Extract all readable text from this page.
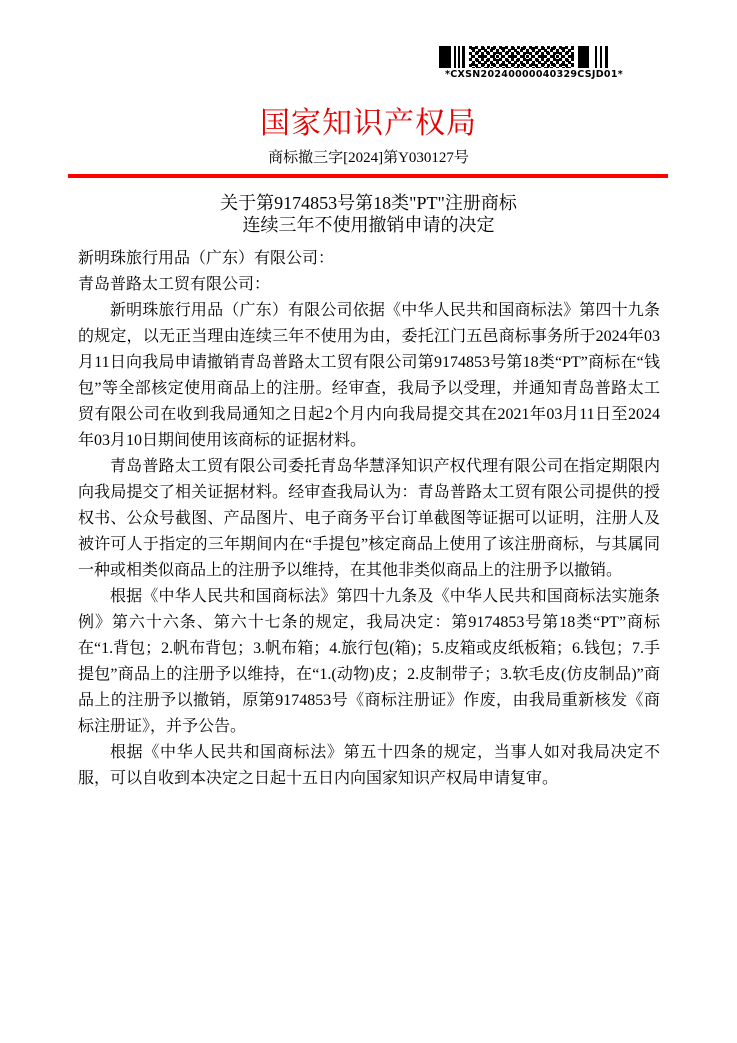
*CXSN20240000040329CSJD01*
国家知识产权局
商标撤三字[2024]第Y030127号
关于第9174853号第18类"PT"注册商标
连续三年不使用撤销申请的决定

新明珠旅行用品（广东）有限公司：

青岛普路太工贸有限公司：

新明珠旅行用品（广东）有限公司依据《中华人民共和国商标法》第四十九条的规定，以无正当理由连续三年不使用为由，委托江门五邑商标事务所于2024年03月11日向我局申请撤销青岛普路太工贸有限公司第9174853号第18类“PT”商标在“钱包”等全部核定使用商品上的注册。经审查，我局予以受理，并通知青岛普路太工贸有限公司在收到我局通知之日起2个月内向我局提交其在2021年03月11日至2024年03月10日期间使用该商标的证据材料。

青岛普路太工贸有限公司委托青岛华慧泽知识产权代理有限公司在指定期限内向我局提交了相关证据材料。经审查我局认为：青岛普路太工贸有限公司提供的授权书、公众号截图、产品图片、电子商务平台订单截图等证据可以证明，注册人及被许可人于指定的三年期间内在“手提包”核定商品上使用了该注册商标，与其属同一种或相类似商品上的注册予以维持，在其他非类似商品上的注册予以撤销。

根据《中华人民共和国商标法》第四十九条及《中华人民共和国商标法实施条例》第六十六条、第六十七条的规定，我局决定：第9174853号第18类“PT”商标在“1.背包；2.帆布背包；3.帆布箱；4.旅行包(箱)；5.皮箱或皮纸板箱；6.钱包；7.手提包”商品上的注册予以维持，在“1.(动物)皮；2.皮制带子；3.软毛皮(仿皮制品)”商品上的注册予以撤销，原第9174853号《商标注册证》作废，由我局重新核发《商标注册证》，并予公告。

根据《中华人民共和国商标法》第五十四条的规定，当事人如对我局决定不服，可以自收到本决定之日起十五日内向国家知识产权局申请复审。
